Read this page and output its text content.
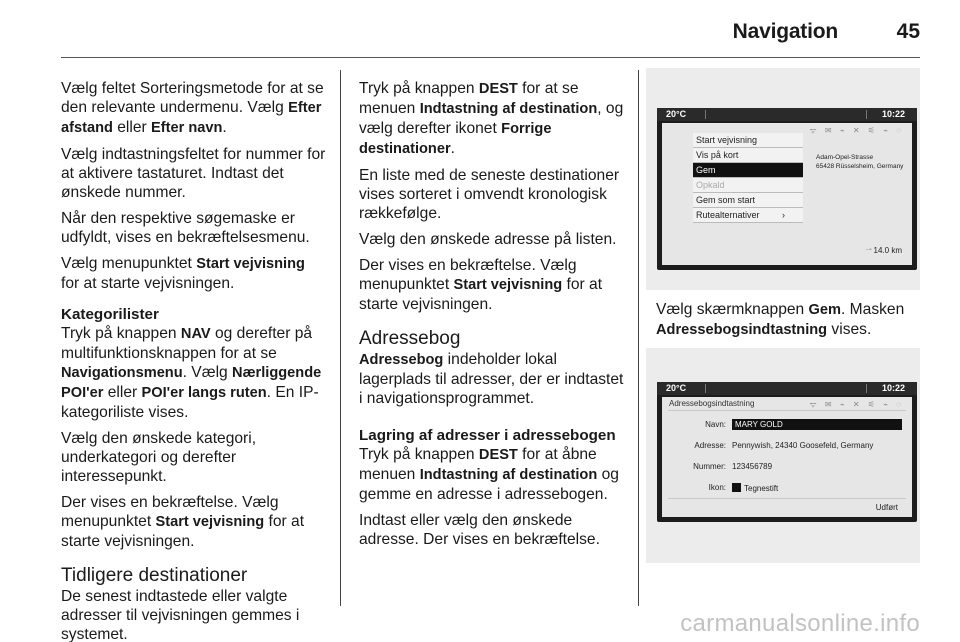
Navigation	45

Vælg feltet Sorteringsmetode for at se den relevante undermenu. Vælg Efter afstand eller Efter navn.

Vælg indtastningsfeltet for nummer for at aktivere tastaturet. Indtast det ønskede nummer.

Når den respektive søgemaske er udfyldt, vises en bekræftelsesmenu.

Vælg menupunktet Start vejvisning for at starte vejvisningen.

Kategorilister

Tryk på knappen NAV og derefter på multifunktionsknappen for at se Navigationsmenu. Vælg Nærliggende POI'er eller POI'er langs ruten. En IP-kategoriliste vises.

Vælg den ønskede kategori, underkategori og derefter interessepunkt.

Der vises en bekræftelse. Vælg menupunktet Start vejvisning for at starte vejvisningen.

Tidligere destinationer

De senest indtastede eller valgte adresser til vejvisningen gemmes i systemet.

Tryk på knappen DEST for at se menuen Indtastning af destination, og vælg derefter ikonet Forrige destinationer.

En liste med de seneste destinationer vises sorteret i omvendt kronologisk rækkefølge.

Vælg den ønskede adresse på listen.

Der vises en bekræftelse. Vælg menupunktet Start vejvisning for at starte vejvisningen.

Adressebog

Adressebog indeholder lokal lagerplads til adresser, der er indtastet i navigationsprogrammet.

Lagring af adresser i adressebogen

Tryk på knappen DEST for at åbne menuen Indtastning af destination og gemme en adresse i adressebogen.

Indtast eller vælg den ønskede adresse. Der vises en bekræftelse.

20°C	10:22
ᯤ ✉ ⌁ ✕ ⚟ ⌁ ◌
Start vejvisning
Vis på kort
Gem
Opkald
Gem som start
Rutealternativer ›
Adam-Opel-Strasse
65428 Rüsselsheim, Germany
⇀ 14.0 km

Vælg skærmknappen Gem. Masken Adressebogsindtastning vises.

20°C	10:22
Adressebogsindtastning	ᯤ ✉ ⌁ ✕ ⚟ ⌁ ◌
Navn:	MARY GOLD
Adresse: Pennywish, 24340 Goosefeld, Germany
Nummer: 123456789
Ikon:	Tegnestift
Udført
carmanualsonline.info
